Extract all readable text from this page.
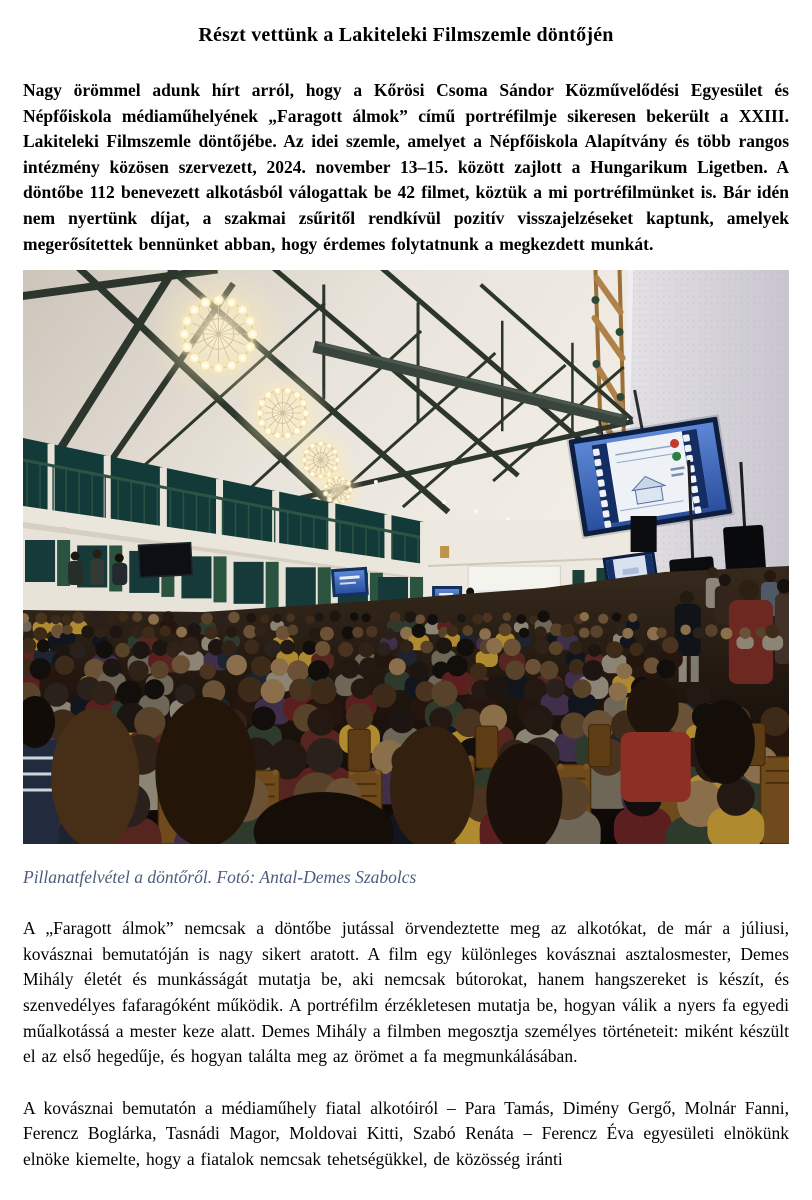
Részt vettünk a Lakiteleki Filmszemle döntőjén

Nagy örömmel adunk hírt arról, hogy a Kőrösi Csoma Sándor Közművelődési Egyesület és Népfőiskola médiaműhelyének „Faragott álmok” című portréfilmje sikeresen bekerült a XXIII. Lakiteleki Filmszemle döntőjébe. Az idei szemle, amelyet a Népfőiskola Alapítvány és több rangos intézmény közösen szervezett, 2024. november 13–15. között zajlott a Hungarikum Ligetben. A döntőbe 112 benevezett alkotásból válogattak be 42 filmet, köztük a mi portréfilmünket is. Bár idén nem nyertünk díjat, a szakmai zsűritől rendkívül pozitív visszajelzéseket kaptunk, amelyek megerősítettek bennünket abban, hogy érdemes folytatnunk a megkezdett munkát.

Pillanatfelvétel a döntőről. Fotó: Antal-Demes Szabolcs

A „Faragott álmok” nemcsak a döntőbe jutással örvendeztette meg az alkotókat, de már a júliusi, kovásznai bemutatóján is nagy sikert aratott. A film egy különleges kovásznai asztalosmester, Demes Mihály életét és munkásságát mutatja be, aki nemcsak bútorokat, hanem hangszereket is készít, és szenvedélyes fafaragóként működik. A portréfilm érzékletesen mutatja be, hogyan válik a nyers fa egyedi műalkotássá a mester keze alatt. Demes Mihály a filmben megosztja személyes történeteit: miként készült el az első hegedűje, és hogyan találta meg az örömet a fa megmunkálásában.

A kovásznai bemutatón a médiaműhely fiatal alkotóiról – Para Tamás, Dimény Gergő, Molnár Fanni, Ferencz Boglárka, Tasnádi Magor, Moldovai Kitti, Szabó Renáta – Ferencz Éva egyesületi elnökünk elnöke kiemelte, hogy a fiatalok nemcsak tehetségükkel, de közösség iránti
